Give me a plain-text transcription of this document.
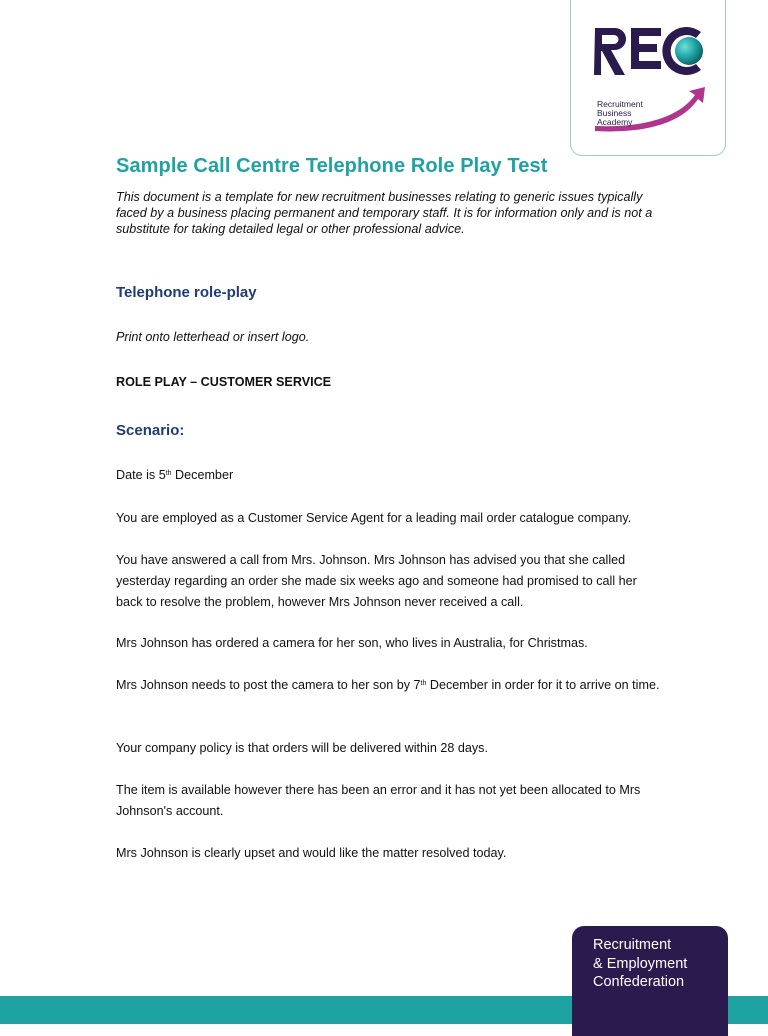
Recruitment
Business
Academy
Sample Call Centre Telephone Role Play Test

This document is a template for new recruitment businesses relating to generic issues typically faced by a business placing permanent and temporary staff. It is for information only and is not a substitute for taking detailed legal or other professional advice.

Telephone role-play

Print onto letterhead or insert logo.

ROLE PLAY – CUSTOMER SERVICE

Scenario:

Date is 5th December

You are employed as a Customer Service Agent for a leading mail order catalogue company.

You have answered a call from Mrs. Johnson. Mrs Johnson has advised you that she called yesterday regarding an order she made six weeks ago and someone had promised to call her back to resolve the problem, however Mrs Johnson never received a call.

Mrs Johnson has ordered a camera for her son, who lives in Australia, for Christmas.

Mrs Johnson needs to post the camera to her son by 7th December in order for it to arrive on time.

Your company policy is that orders will be delivered within 28 days.

The item is available however there has been an error and it has not yet been allocated to Mrs Johnson's account.

Mrs Johnson is clearly upset and would like the matter resolved today.

Recruitment
& Employment
Confederation
